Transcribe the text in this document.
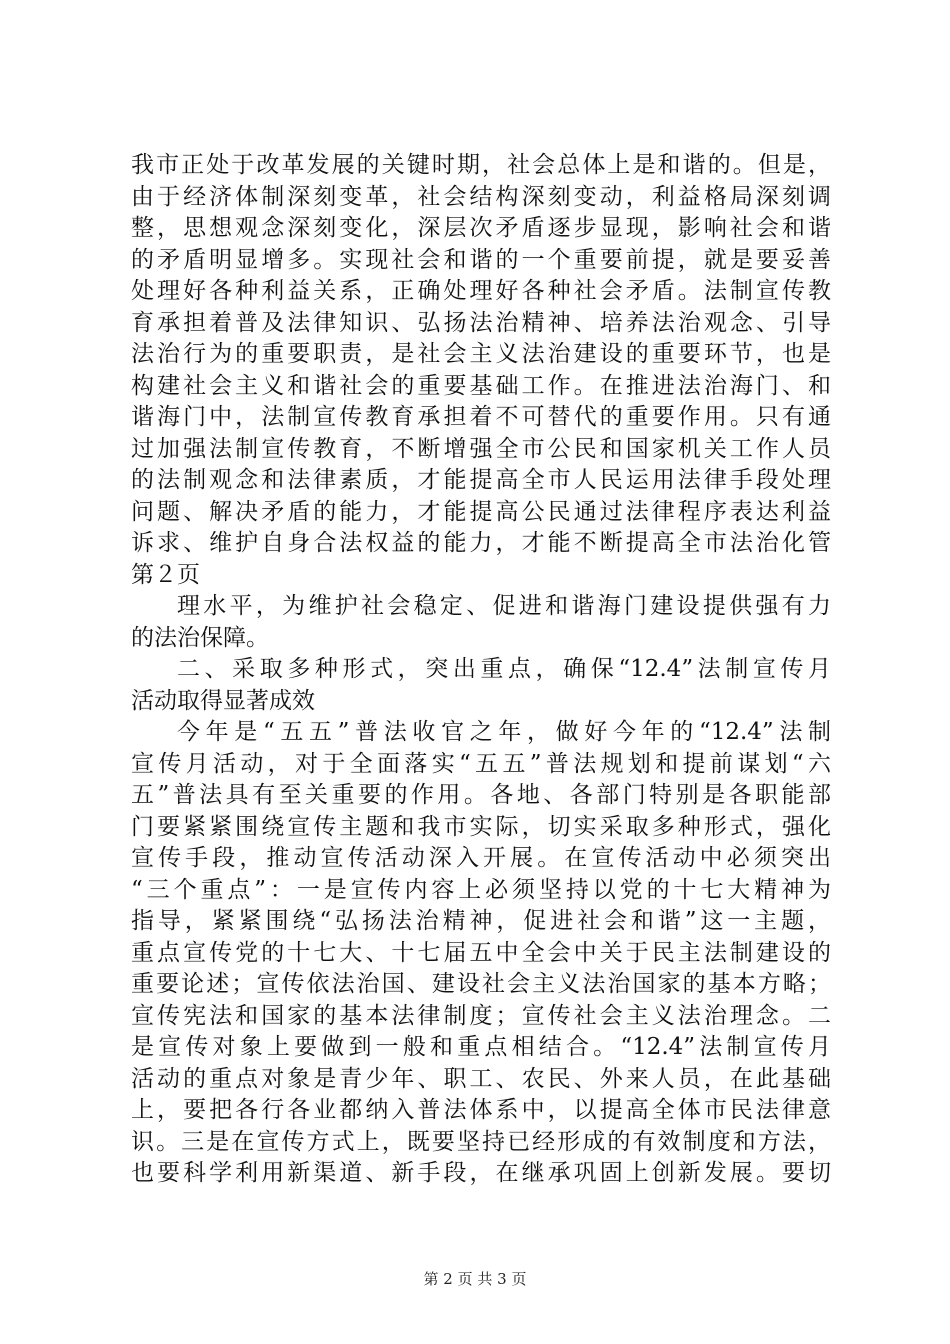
我市正处于改革发展的关键时期，社会总体上是和谐的。但是，
由于经济体制深刻变革，社会结构深刻变动，利益格局深刻调
整，思想观念深刻变化，深层次矛盾逐步显现，影响社会和谐
的矛盾明显增多。实现社会和谐的一个重要前提，就是要妥善
处理好各种利益关系，正确处理好各种社会矛盾。法制宣传教
育承担着普及法律知识、弘扬法治精神、培养法治观念、引导
法治行为的重要职责，是社会主义法治建设的重要环节，也是
构建社会主义和谐社会的重要基础工作。在推进法治海门、和
谐海门中，法制宣传教育承担着不可替代的重要作用。只有通
过加强法制宣传教育，不断增强全市公民和国家机关工作人员
的法制观念和法律素质，才能提高全市人民运用法律手段处理
问题、解决矛盾的能力，才能提高公民通过法律程序表达利益
诉求、维护自身合法权益的能力，才能不断提高全市法治化管
第２页
理水平，为维护社会稳定、促进和谐海门建设提供强有力
的法治保障。
二、采取多种形式，突出重点，确保“12.4”法制宣传月
活动取得显著成效
今年是“五五”普法收官之年，做好今年的“12.4”法制
宣传月活动，对于全面落实“五五”普法规划和提前谋划“六
五”普法具有至关重要的作用。各地、各部门特别是各职能部
门要紧紧围绕宣传主题和我市实际，切实采取多种形式，强化
宣传手段，推动宣传活动深入开展。在宣传活动中必须突出
“三个重点”：一是宣传内容上必须坚持以党的十七大精神为
指导，紧紧围绕“弘扬法治精神，促进社会和谐”这一主题，
重点宣传党的十七大、十七届五中全会中关于民主法制建设的
重要论述；宣传依法治国、建设社会主义法治国家的基本方略；
宣传宪法和国家的基本法律制度；宣传社会主义法治理念。二
是宣传对象上要做到一般和重点相结合。“12.4”法制宣传月
活动的重点对象是青少年、职工、农民、外来人员，在此基础
上，要把各行各业都纳入普法体系中，以提高全体市民法律意
识。三是在宣传方式上，既要坚持已经形成的有效制度和方法，
也要科学利用新渠道、新手段，在继承巩固上创新发展。要切
第 2 页 共 3 页
